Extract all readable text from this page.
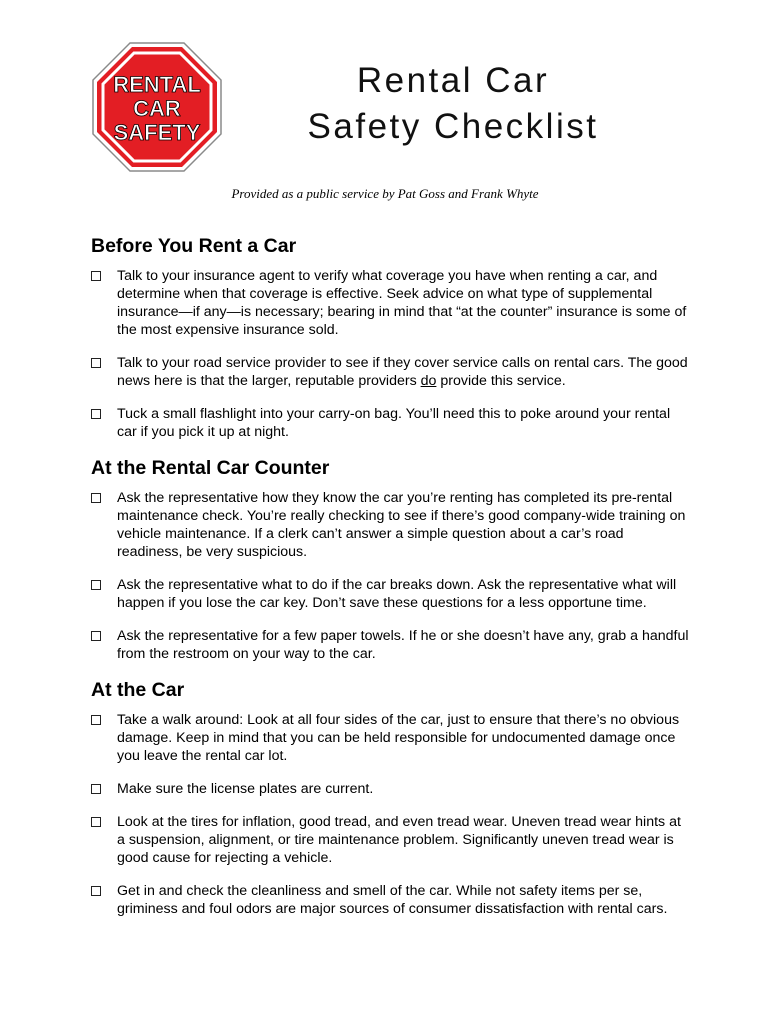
RENTAL
CAR
SAFETY
Rental Car
Safety Checklist
Provided as a public service by Pat Goss and Frank Whyte
Before You Rent a Car
Talk to your insurance agent to verify what coverage you have when renting a car, and determine when that coverage is effective. Seek advice on what type of supplemental insurance—if any—is necessary; bearing in mind that “at the counter” insurance is some of the most expensive insurance sold.
Talk to your road service provider to see if they cover service calls on rental cars. The good news here is that the larger, reputable providers do provide this service.
Tuck a small flashlight into your carry-on bag. You’ll need this to poke around your rental car if you pick it up at night.
At the Rental Car Counter
Ask the representative how they know the car you’re renting has completed its pre-rental maintenance check. You’re really checking to see if there’s good company-wide training on vehicle maintenance. If a clerk can’t answer a simple question about a car’s road readiness, be very suspicious.
Ask the representative what to do if the car breaks down. Ask the representative what will happen if you lose the car key. Don’t save these questions for a less opportune time.
Ask the representative for a few paper towels. If he or she doesn’t have any, grab a handful from the restroom on your way to the car.
At the Car
Take a walk around: Look at all four sides of the car, just to ensure that there’s no obvious damage. Keep in mind that you can be held responsible for undocumented damage once you leave the rental car lot.
Make sure the license plates are current.
Look at the tires for inflation, good tread, and even tread wear. Uneven tread wear hints at a suspension, alignment, or tire maintenance problem. Significantly uneven tread wear is good cause for rejecting a vehicle.
Get in and check the cleanliness and smell of the car. While not safety items per se, griminess and foul odors are major sources of consumer dissatisfaction with rental cars.
